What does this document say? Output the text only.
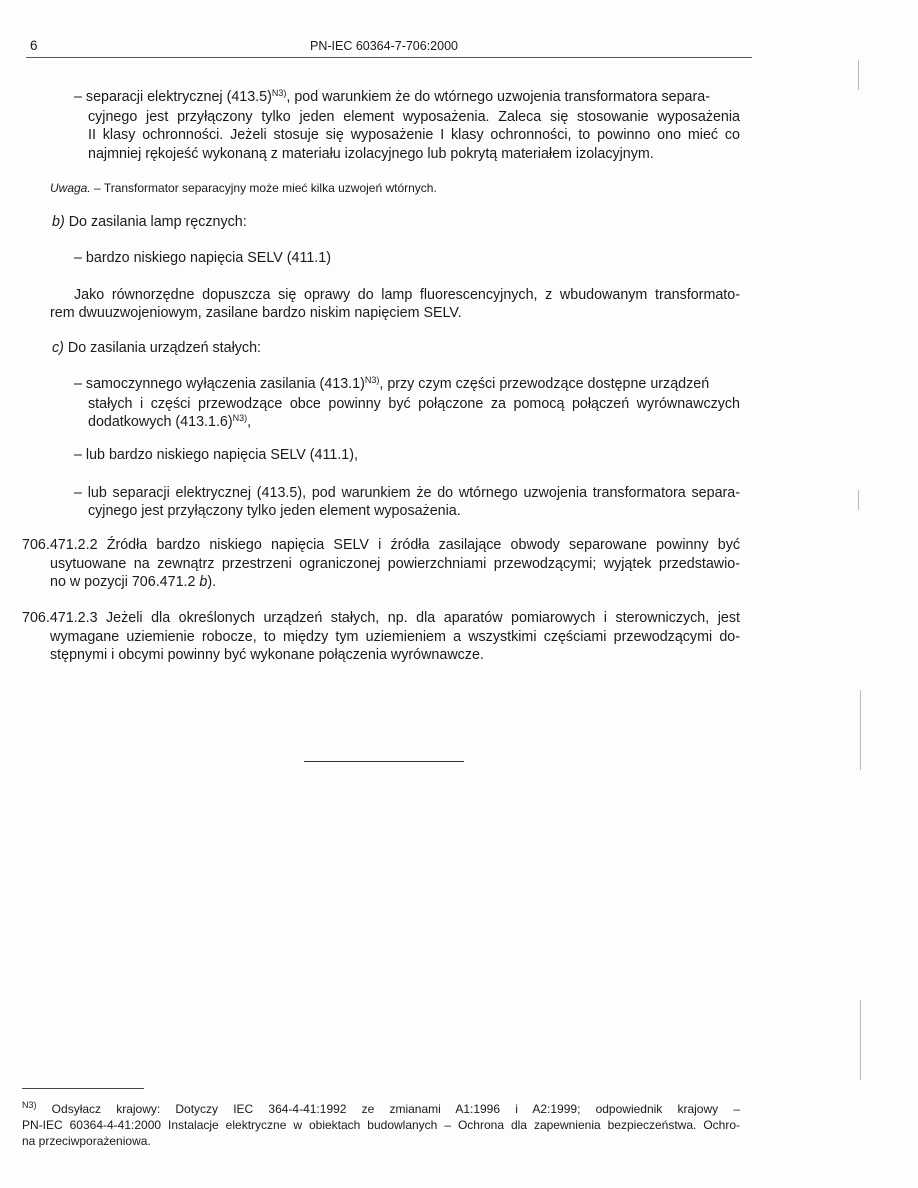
6	PN-IEC 60364-7-706:2000
– separacji elektrycznej $(413.5)^{N3)}$, pod warunkiem że do wtórnego uzwojenia transformatora separa-
cyjnego jest przyłączony tylko jeden element wyposażenia. Zaleca się stosowanie wyposażenia
II klasy ochronności. Jeżeli stosuje się wyposażenie I klasy ochronności, to powinno ono mieć co
najmniej rękojeść wykonaną z materiału izolacyjnego lub pokrytą materiałem izolacyjnym.
Uwaga. – Transformator separacyjny może mieć kilka uzwojeń wtórnych.
b) Do zasilania lamp ręcznych:
– bardzo niskiego napięcia SELV (411.1)
Jako równorzędne dopuszcza się oprawy do lamp fluorescencyjnych, z wbudowanym transformato-
rem dwuuzwojeniowym, zasilane bardzo niskim napięciem SELV.
c) Do zasilania urządzeń stałych:
– samoczynnego wyłączenia zasilania $(413.1)^{N3)}$, przy czym części przewodzące dostępne urządzeń
stałych i części przewodzące obce powinny być połączone za pomocą połączeń wyrównawczych
dodatkowych $(413.1.6)^{N3)}$,
– lub bardzo niskiego napięcia SELV (411.1),
– lub separacji elektrycznej (413.5), pod warunkiem że do wtórnego uzwojenia transformatora separa-
cyjnego jest przyłączony tylko jeden element wyposażenia.
706.471.2.2 Źródła bardzo niskiego napięcia SELV i źródła zasilające obwody separowane powinny być
usytuowane na zewnątrz przestrzeni ograniczonej powierzchniami przewodzącymi; wyjątek przedstawio-
no w pozycji 706.471.2 b).
706.471.2.3 Jeżeli dla określonych urządzeń stałych, np. dla aparatów pomiarowych i sterowniczych, jest
wymagane uziemienie robocze, to między tym uziemieniem a wszystkimi częściami przewodzącymi do-
stępnymi i obcymi powinny być wykonane połączenia wyrównawcze.
$^{N3)}$ Odsyłacz krajowy: Dotyczy IEC 364-4-41:1992 ze zmianami A1:1996 i A2:1999; odpowiednik krajowy –
PN-IEC 60364-4-41:2000 Instalacje elektryczne w obiektach budowlanych – Ochrona dla zapewnienia bezpieczeństwa. Ochro-
na przeciwporażeniowa.
